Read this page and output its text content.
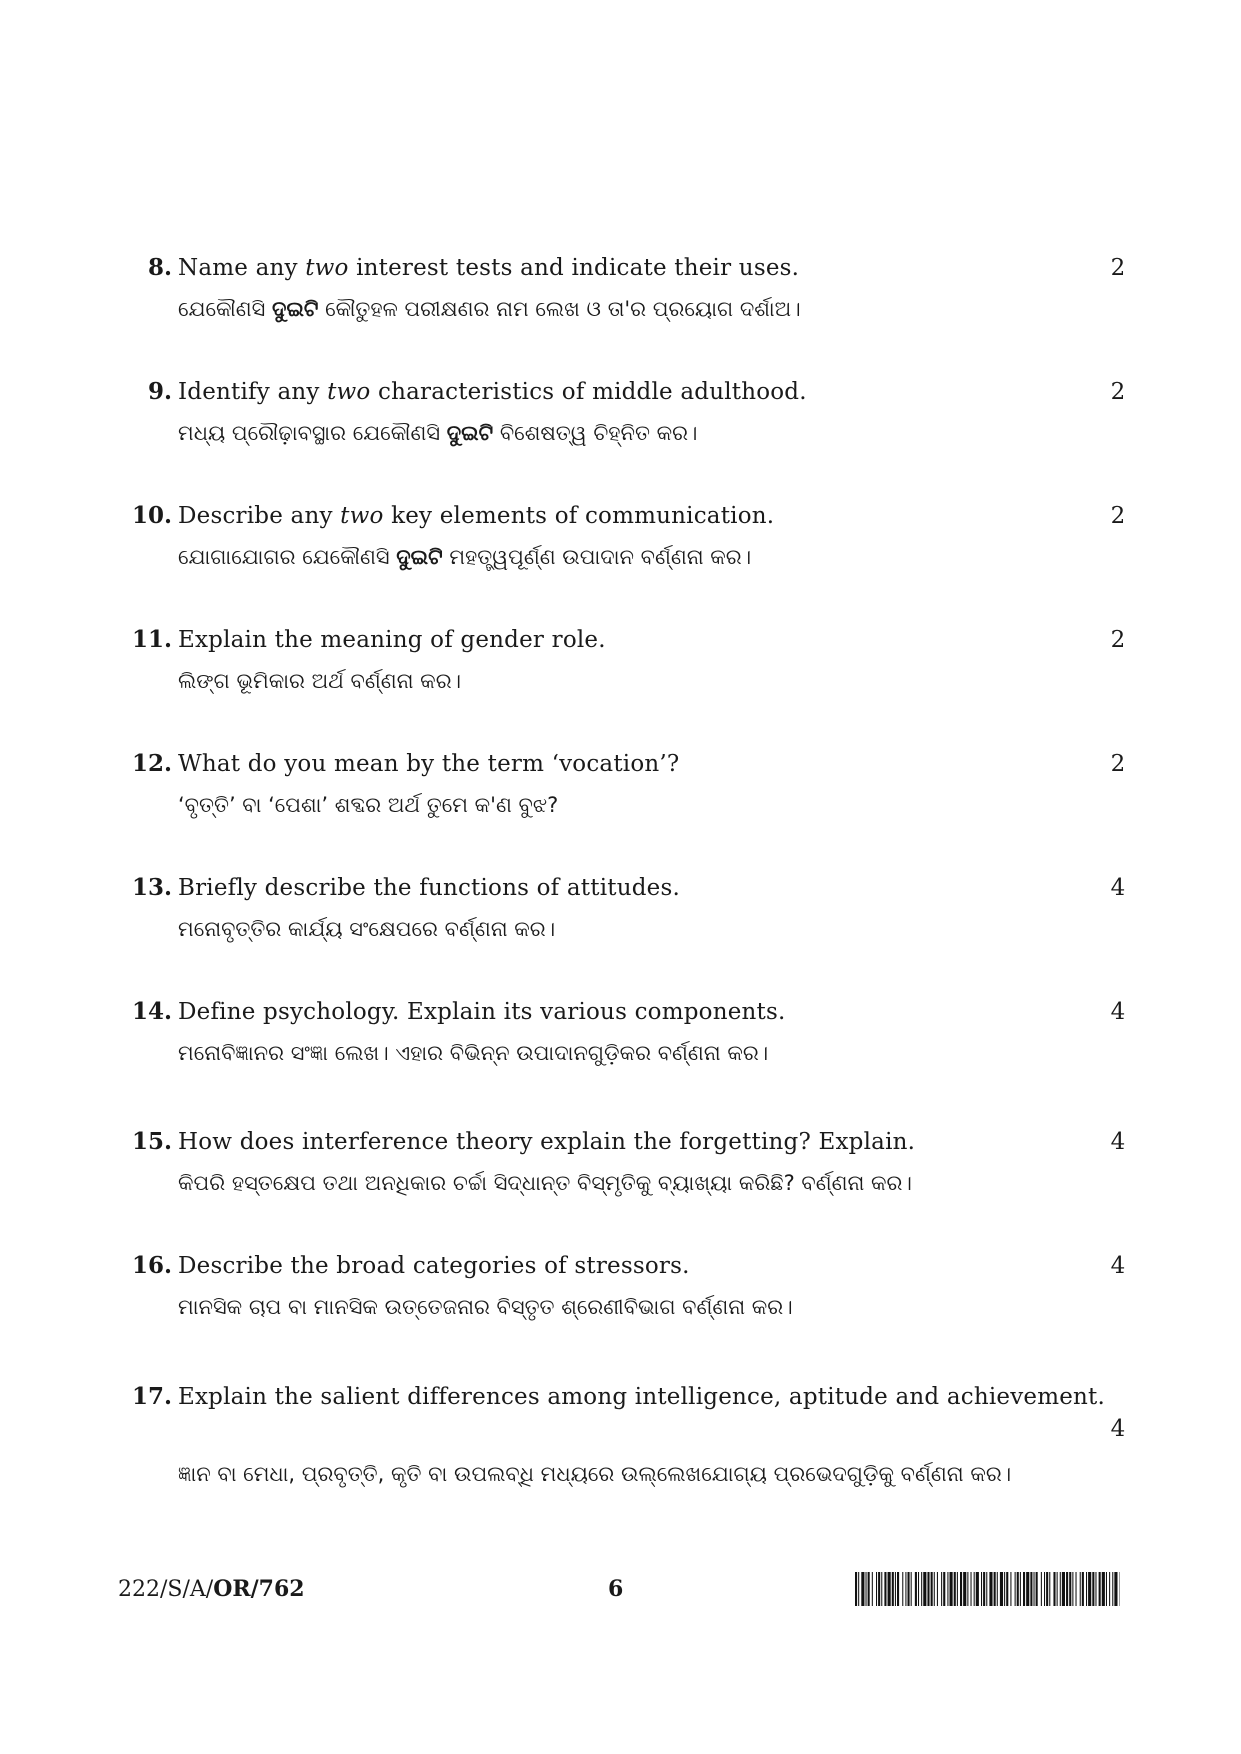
8. Name any two interest tests and indicate their uses.
ଯେକୌଣସି ଦୁଇଟି କୌତୁହଳ ପରୀକ୍ଷଣର ନାମ ଲେଖ ଓ ତା'ର ପ୍ରୟୋଗ ଦର୍ଶାଅ।
2
9. Identify any two characteristics of middle adulthood.
ମଧ୍ୟ ପ୍ରୌଢ଼ାବସ୍ଥାର ଯେକୌଣସି ଦୁଇଟି ବିଶେଷତ୍ୱ ଚିହ୍ନିତ କର।
2
10. Describe any two key elements of communication.
ଯୋଗାଯୋଗର ଯେକୌଣସି ଦୁଇଟି ମହତ୍ତ୍ୱପୂର୍ଣ୍ଣ ଉପାଦାନ ବର୍ଣ୍ଣନା କର।
2
11. Explain the meaning of gender role.
ଲିଙ୍ଗ ଭୂମିକାର ଅର୍ଥ ବର୍ଣ୍ଣନା କର।
2
12. What do you mean by the term ‘vocation’?
‘ବୃତ୍ତି’ ବା ‘ପେଶା’ ଶବ୍ଦର ଅର୍ଥ ତୁମେ କ'ଣ ବୁଝ?
2
13. Briefly describe the functions of attitudes.
ମନୋବୃତ୍ତିର କାର୍ଯ୍ୟ ସଂକ୍ଷେପରେ ବର୍ଣ୍ଣନା କର।
4
14. Define psychology. Explain its various components.
ମନୋବିଜ୍ଞାନର ସଂଜ୍ଞା ଲେଖ। ଏହାର ବିଭିନ୍ନ ଉପାଦାନଗୁଡ଼ିକର ବର୍ଣ୍ଣନା କର।
4
15. How does interference theory explain the forgetting? Explain.
କିପରି ହସ୍ତକ୍ଷେପ ତଥା ଅନଧିକାର ଚର୍ଚ୍ଚା ସିଦ୍ଧାନ୍ତ ବିସ୍ମୃତିକୁ ବ୍ୟାଖ୍ୟା କରିଛି? ବର୍ଣ୍ଣନା କର।
4
16. Describe the broad categories of stressors.
ମାନସିକ ଚାପ ବା ମାନସିକ ଉତ୍ତେଜନାର ବିସ୍ତୃତ ଶ୍ରେଣୀବିଭାଗ ବର୍ଣ୍ଣନା କର।
4
17. Explain the salient differences among intelligence, aptitude and achievement.
ଜ୍ଞାନ ବା ମେଧା, ପ୍ରବୃତ୍ତି, କୃତି ବା ଉପଲବ୍ଧି ମଧ୍ୟରେ ଉଲ୍ଲେଖଯୋଗ୍ୟ ପ୍ରଭେଦଗୁଡ଼ିକୁ ବର୍ଣ୍ଣନା କର।
4
222/S/A/OR/762	6
